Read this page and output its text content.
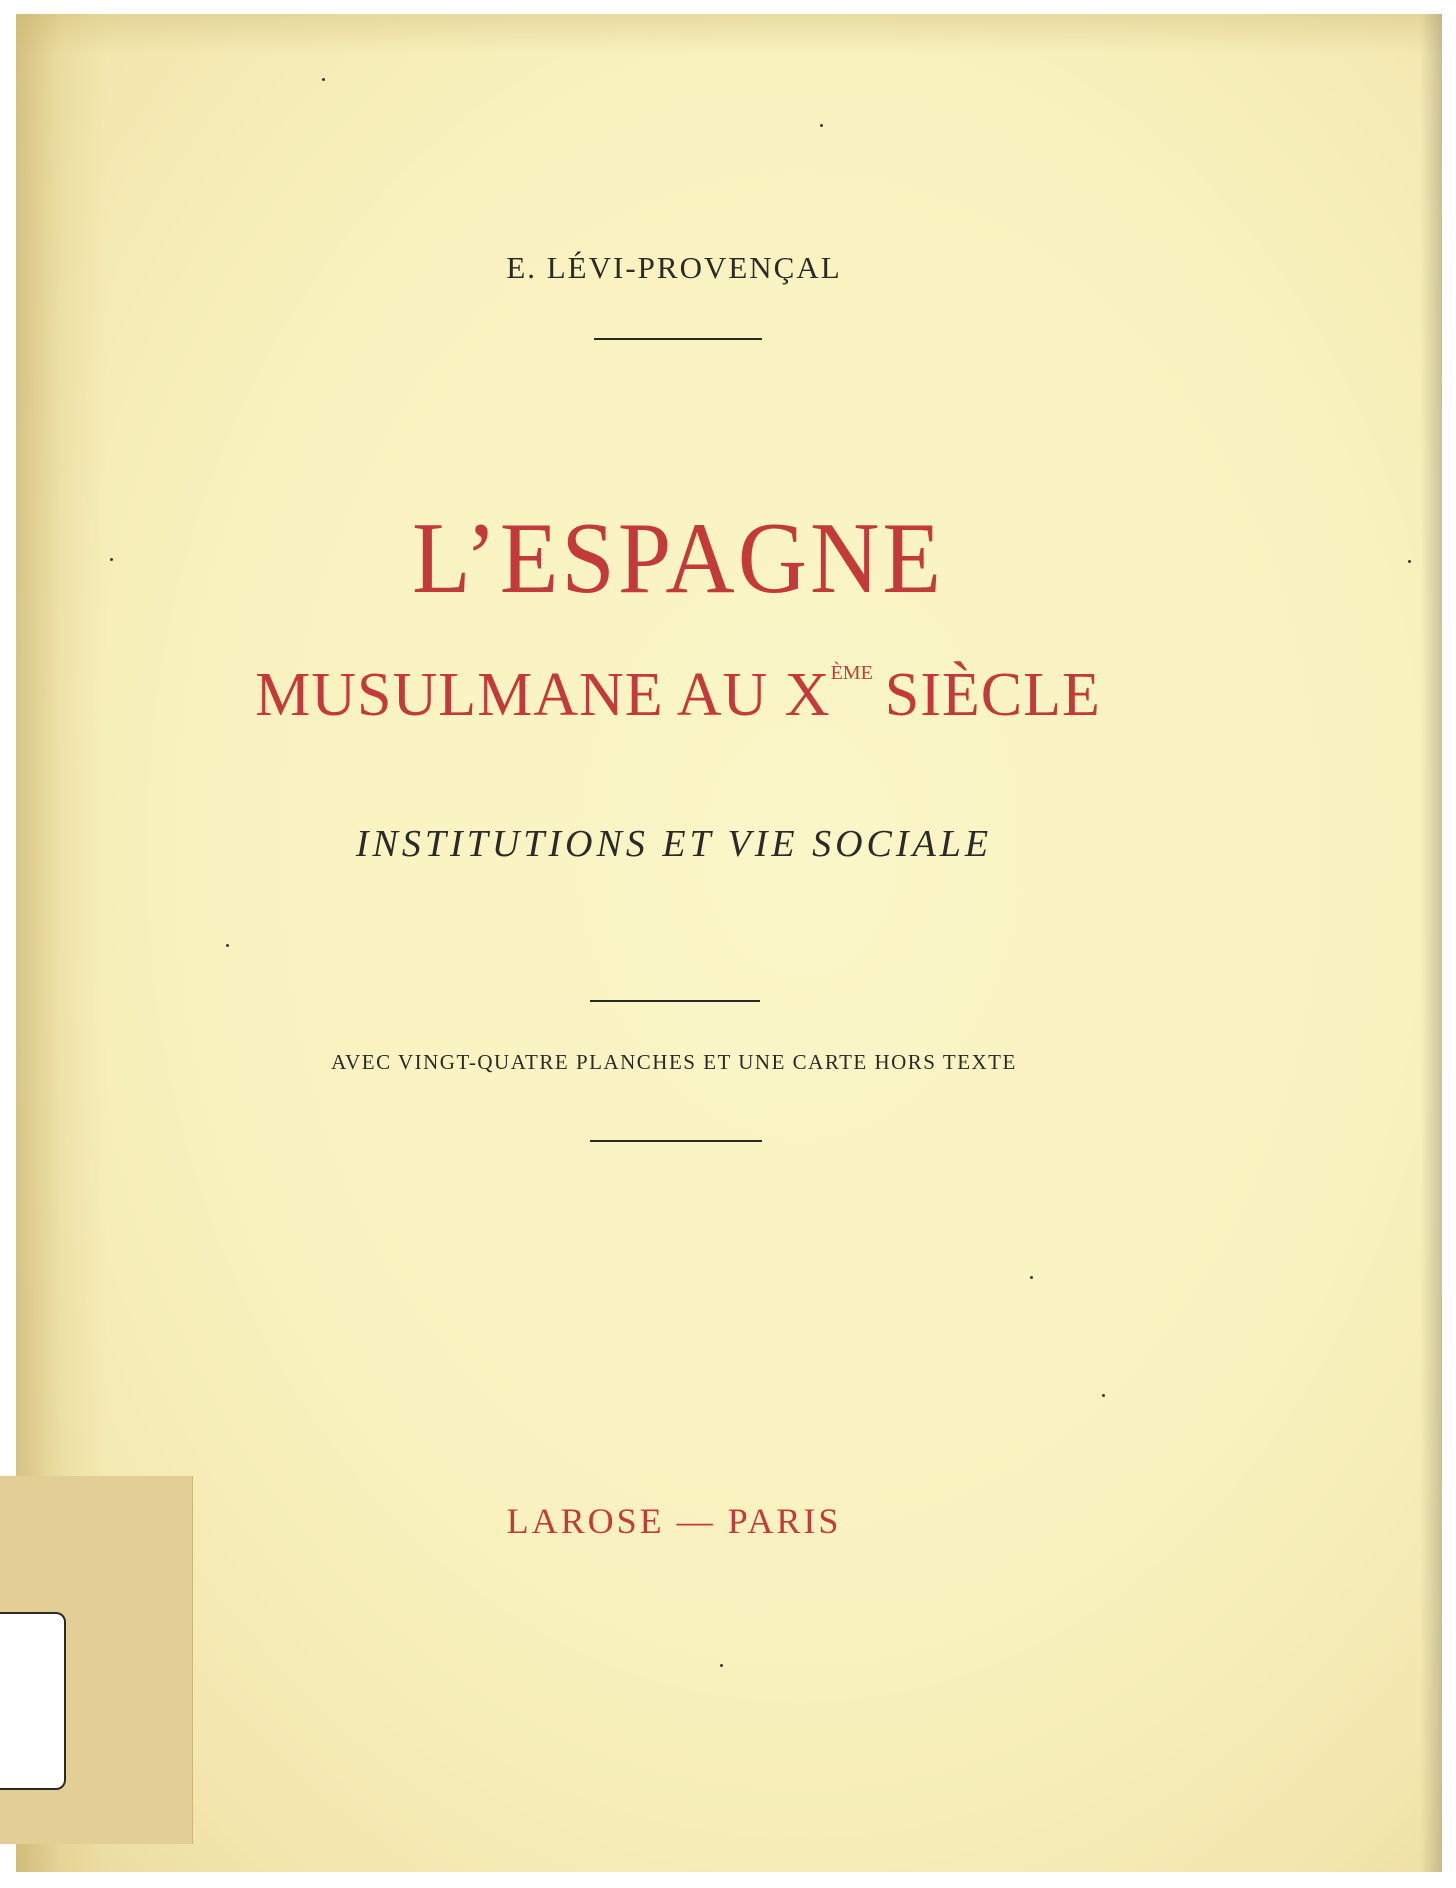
E. LÉVI-PROVENÇAL

L’ESPAGNE

MUSULMANE AU XÈME SIÈCLE

INSTITUTIONS ET VIE SOCIALE

AVEC VINGT-QUATRE PLANCHES ET UNE CARTE HORS TEXTE

LAROSE — PARIS
